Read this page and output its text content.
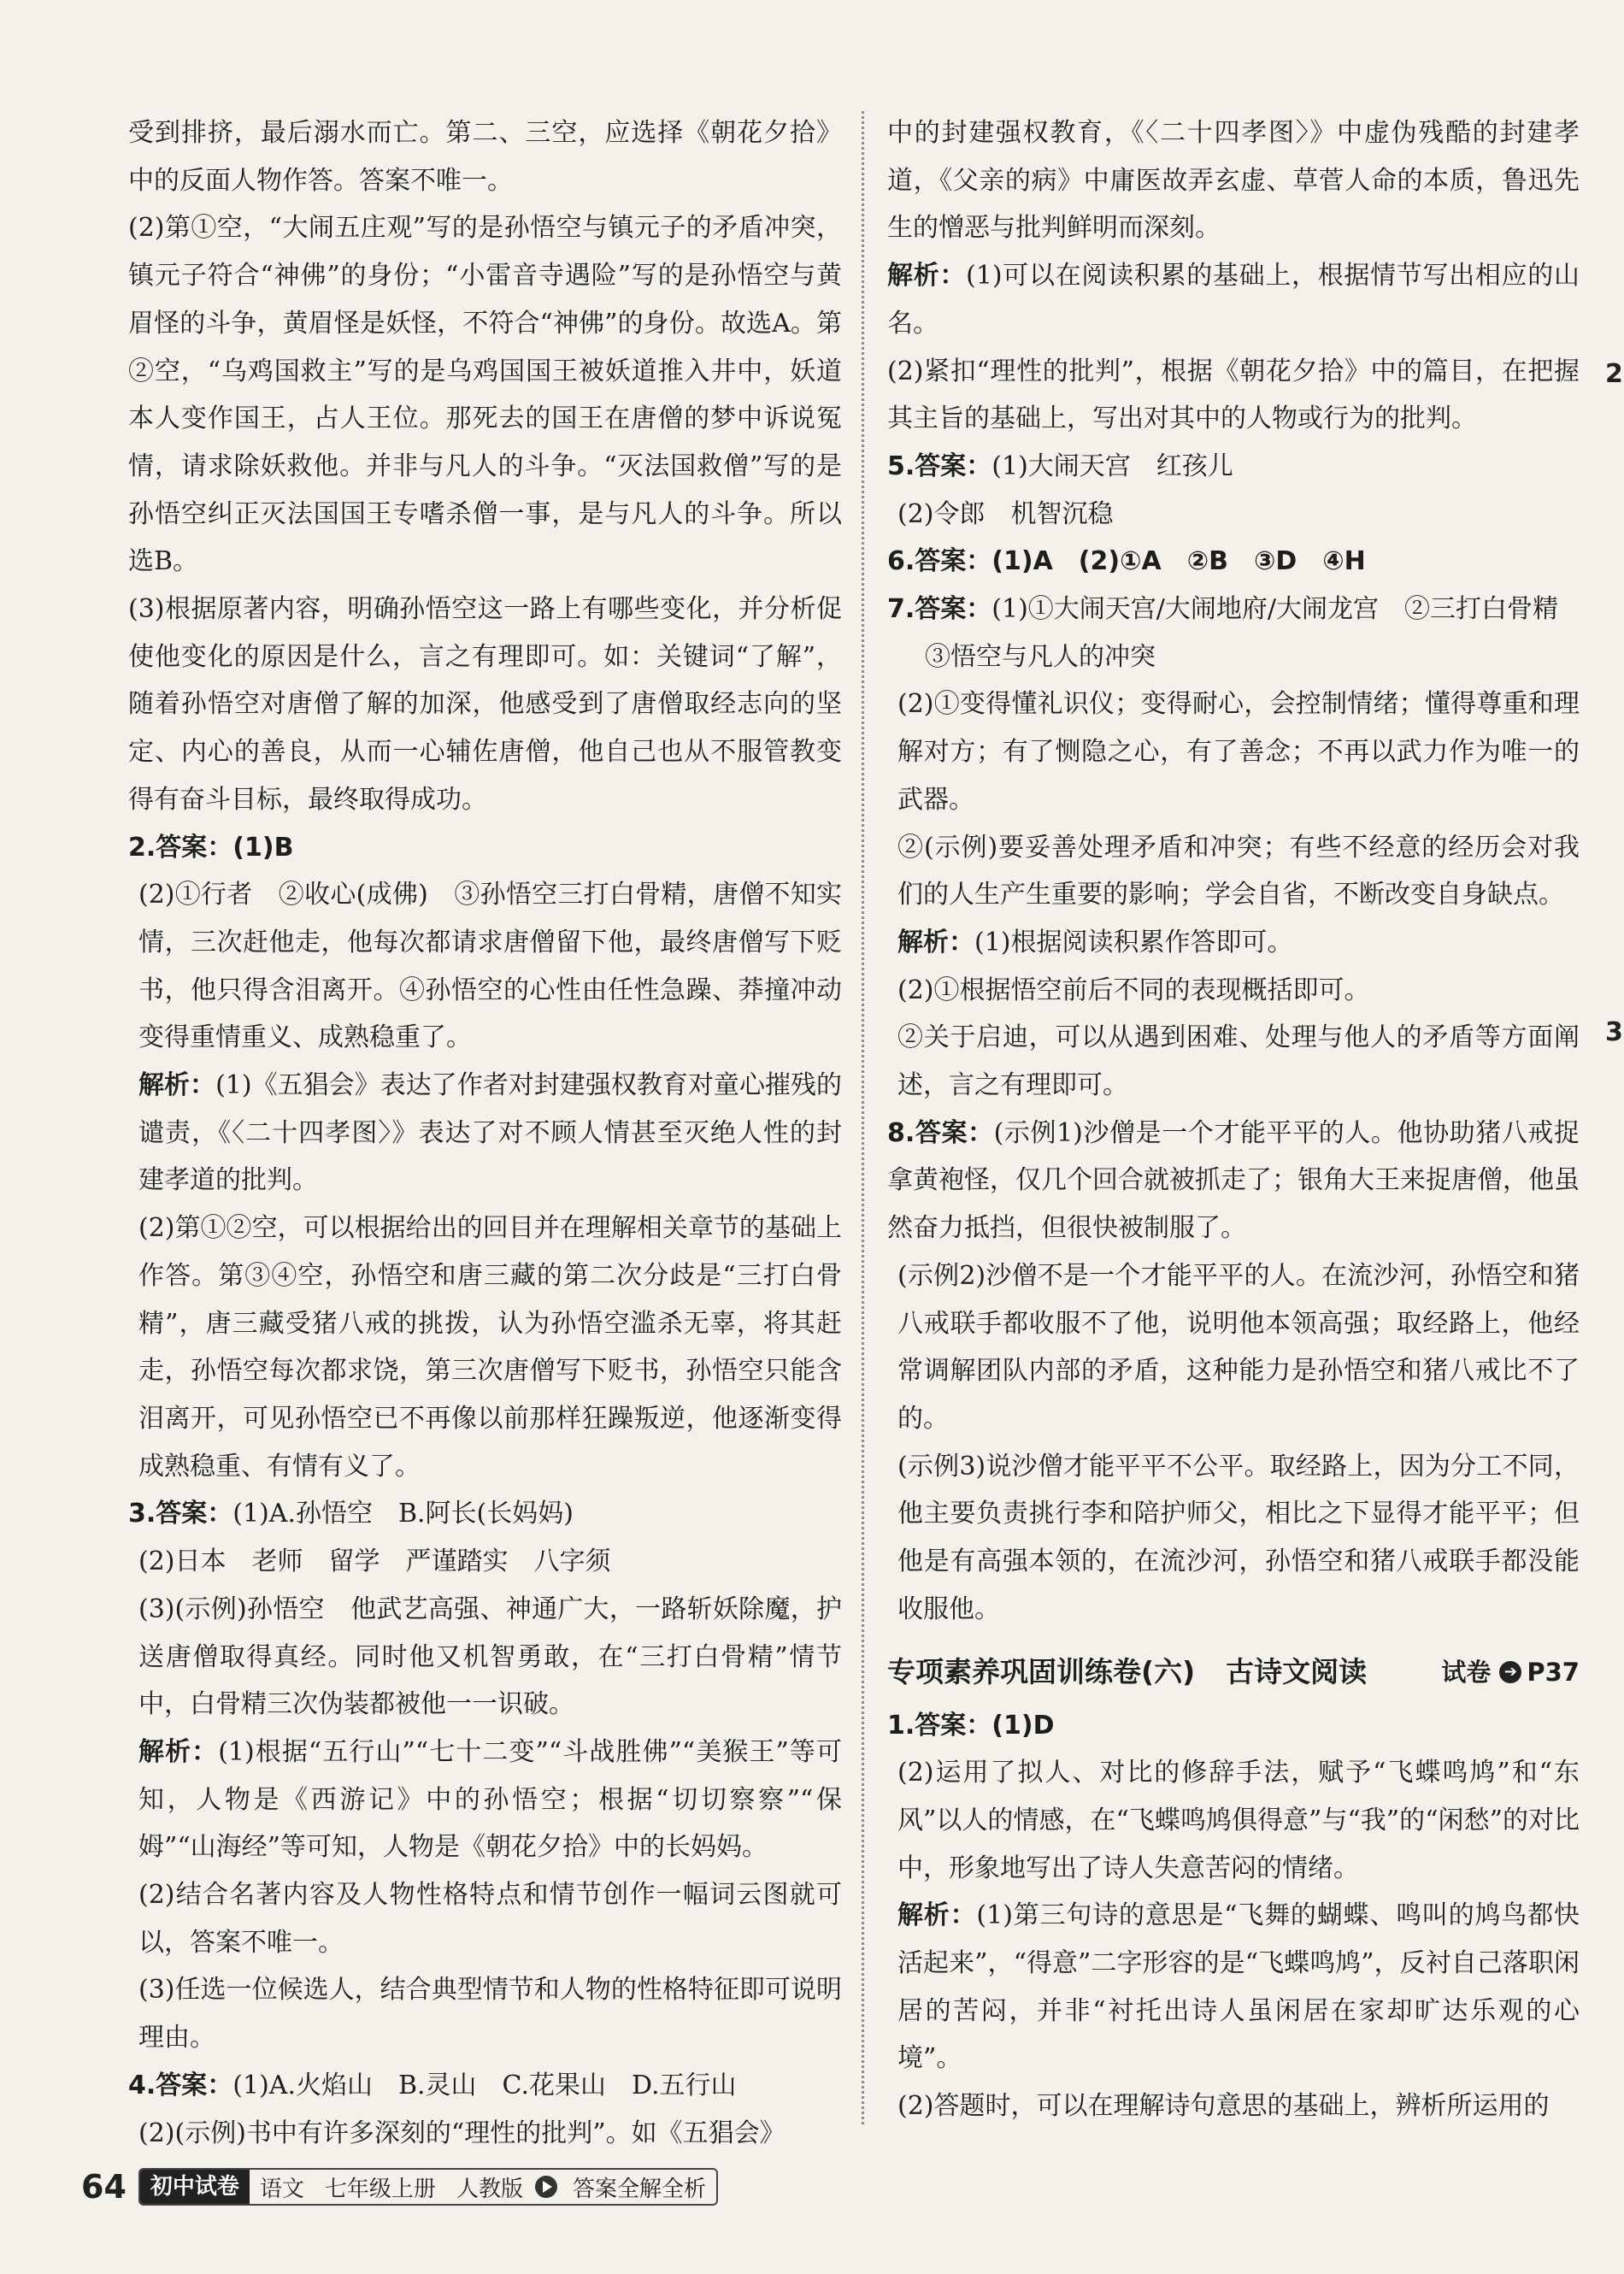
受到排挤，最后溺水而亡。第二、三空，应选择《朝花夕拾》中的反面人物作答。答案不唯一。

(2)第①空，“大闹五庄观”写的是孙悟空与镇元子的矛盾冲突，镇元子符合“神佛”的身份；“小雷音寺遇险”写的是孙悟空与黄眉怪的斗争，黄眉怪是妖怪，不符合“神佛”的身份。故选A。第②空，“乌鸡国救主”写的是乌鸡国国王被妖道推入井中，妖道本人变作国王，占人王位。那死去的国王在唐僧的梦中诉说冤情，请求除妖救他。并非与凡人的斗争。“灭法国救僧”写的是孙悟空纠正灭法国国王专嗜杀僧一事，是与凡人的斗争。所以选B。

(3)根据原著内容，明确孙悟空这一路上有哪些变化，并分析促使他变化的原因是什么，言之有理即可。如：关键词“了解”，随着孙悟空对唐僧了解的加深，他感受到了唐僧取经志向的坚定、内心的善良，从而一心辅佐唐僧，他自己也从不服管教变得有奋斗目标，最终取得成功。

2.答案：(1)B

(2)①行者　②收心(成佛)　③孙悟空三打白骨精，唐僧不知实情，三次赶他走，他每次都请求唐僧留下他，最终唐僧写下贬书，他只得含泪离开。④孙悟空的心性由任性急躁、莽撞冲动变得重情重义、成熟稳重了。

解析：(1)《五猖会》表达了作者对封建强权教育对童心摧残的谴责，《〈二十四孝图〉》表达了对不顾人情甚至灭绝人性的封建孝道的批判。

(2)第①②空，可以根据给出的回目并在理解相关章节的基础上作答。第③④空，孙悟空和唐三藏的第二次分歧是“三打白骨精”，唐三藏受猪八戒的挑拨，认为孙悟空滥杀无辜，将其赶走，孙悟空每次都求饶，第三次唐僧写下贬书，孙悟空只能含泪离开，可见孙悟空已不再像以前那样狂躁叛逆，他逐渐变得成熟稳重、有情有义了。

3.答案：(1)A.孙悟空　B.阿长(长妈妈)

(2)日本　老师　留学　严谨踏实　八字须

(3)(示例)孙悟空　他武艺高强、神通广大，一路斩妖除魔，护送唐僧取得真经。同时他又机智勇敢，在“三打白骨精”情节中，白骨精三次伪装都被他一一识破。

解析：(1)根据“五行山”“七十二变”“斗战胜佛”“美猴王”等可知，人物是《西游记》中的孙悟空；根据“切切察察”“保姆”“山海经”等可知，人物是《朝花夕拾》中的长妈妈。

(2)结合名著内容及人物性格特点和情节创作一幅词云图就可以，答案不唯一。

(3)任选一位候选人，结合典型情节和人物的性格特征即可说明理由。

4.答案：(1)A.火焰山　B.灵山　C.花果山　D.五行山

(2)(示例)书中有许多深刻的“理性的批判”。如《五猖会》

中的封建强权教育，《〈二十四孝图〉》中虚伪残酷的封建孝道，《父亲的病》中庸医故弄玄虚、草菅人命的本质，鲁迅先生的憎恶与批判鲜明而深刻。

解析：(1)可以在阅读积累的基础上，根据情节写出相应的山名。

(2)紧扣“理性的批判”，根据《朝花夕拾》中的篇目，在把握其主旨的基础上，写出对其中的人物或行为的批判。

5.答案：(1)大闹天宫　红孩儿

(2)令郎　机智沉稳

6.答案：(1)A　(2)①A　②B　③D　④H

7.答案：(1)①大闹天宫/大闹地府/大闹龙宫　②三打白骨精

③悟空与凡人的冲突

(2)①变得懂礼识仪；变得耐心，会控制情绪；懂得尊重和理解对方；有了恻隐之心，有了善念；不再以武力作为唯一的武器。

②(示例)要妥善处理矛盾和冲突；有些不经意的经历会对我们的人生产生重要的影响；学会自省，不断改变自身缺点。

解析：(1)根据阅读积累作答即可。

(2)①根据悟空前后不同的表现概括即可。

②关于启迪，可以从遇到困难、处理与他人的矛盾等方面阐述，言之有理即可。

8.答案：(示例1)沙僧是一个才能平平的人。他协助猪八戒捉拿黄袍怪，仅几个回合就被抓走了；银角大王来捉唐僧，他虽然奋力抵挡，但很快被制服了。

(示例2)沙僧不是一个才能平平的人。在流沙河，孙悟空和猪八戒联手都收服不了他，说明他本领高强；取经路上，他经常调解团队内部的矛盾，这种能力是孙悟空和猪八戒比不了的。

(示例3)说沙僧才能平平不公平。取经路上，因为分工不同，他主要负责挑行李和陪护师父，相比之下显得才能平平；但他是有高强本领的，在流沙河，孙悟空和猪八戒联手都没能收服他。

专项素养巩固训练卷(六) 古诗文阅读	试卷 ➔ P37

1.答案：(1)D

(2)运用了拟人、对比的修辞手法，赋予“飞蝶鸣鸠”和“东风”以人的情感，在“飞蝶鸣鸠俱得意”与“我”的“闲愁”的对比中，形象地写出了诗人失意苦闷的情绪。

解析：(1)第三句诗的意思是“飞舞的蝴蝶、鸣叫的鸠鸟都快活起来”，“得意”二字形容的是“飞蝶鸣鸠”，反衬自己落职闲居的苦闷，并非“衬托出诗人虽闲居在家却旷达乐观的心境”。

(2)答题时，可以在理解诗句意思的基础上，辨析所运用的

2
3
64	初中试卷 语文 七年级上册 人教版	答案全解全析
